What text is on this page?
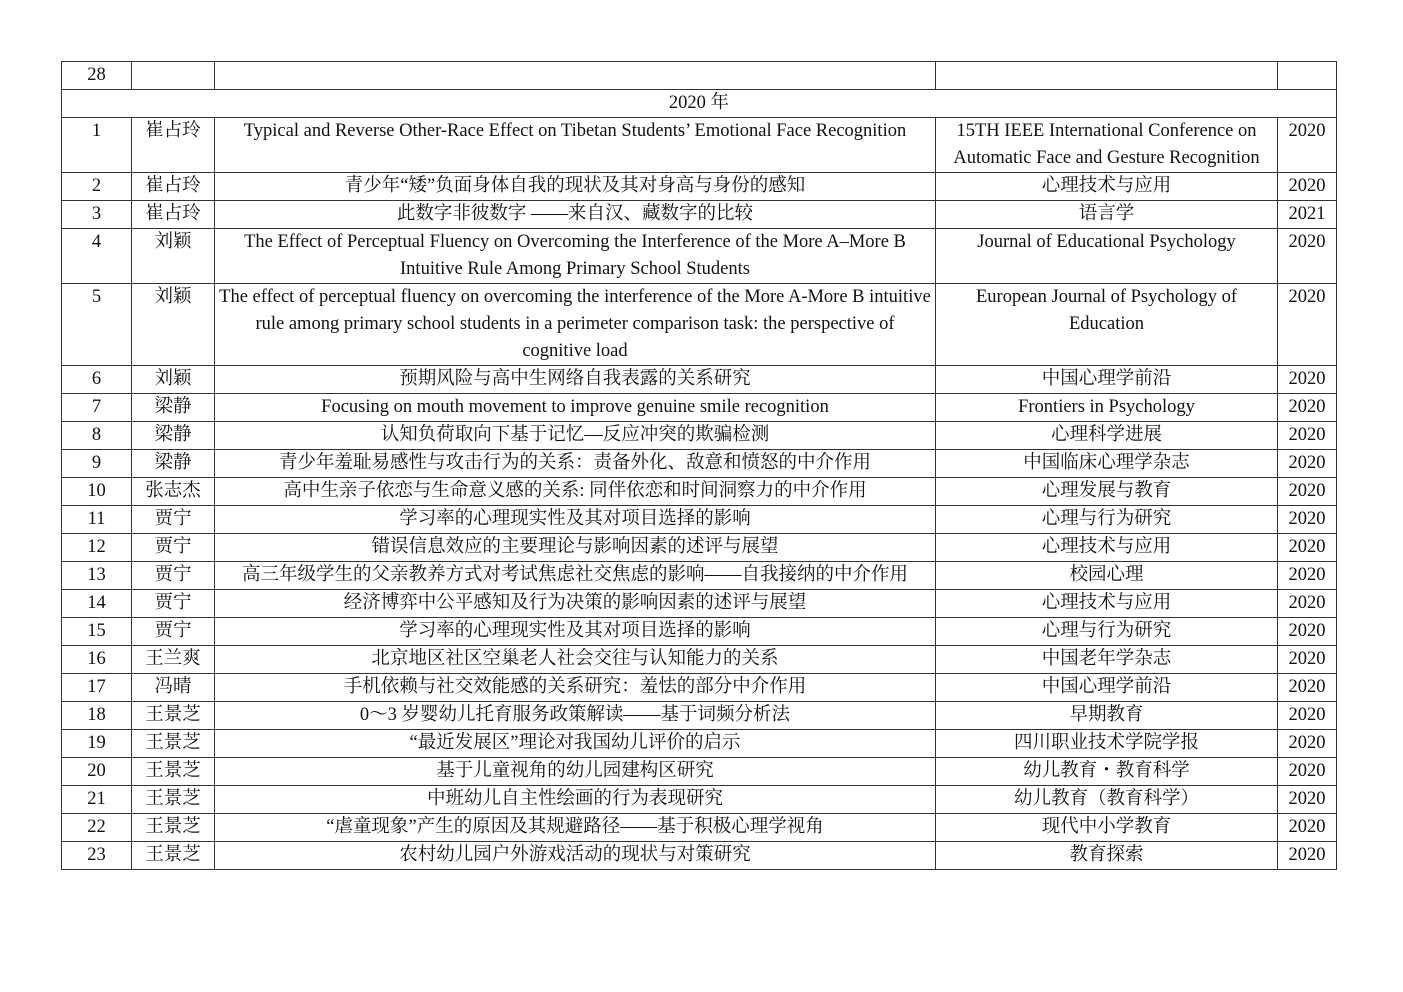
28				
2020 年				
1	崔占玲	Typical and Reverse Other-Race Effect on Tibetan Students’ Emotional Face Recognition	15TH IEEE International Conference on Automatic Face and Gesture Recognition	2020
2	崔占玲	青少年“矮”负面身体自我的现状及其对身高与身份的感知	心理技术与应用	2020
3	崔占玲	此数字非彼数字 ——来自汉、藏数字的比较	语言学	2021
4	刘颖	The Effect of Perceptual Fluency on Overcoming the Interference of the More A–More B Intuitive Rule Among Primary School Students	Journal of Educational Psychology	2020
5	刘颖	The effect of perceptual fluency on overcoming the interference of the More A-More B intuitive rule among primary school students in a perimeter comparison task: the perspective of cognitive load	European Journal of Psychology of Education	2020
6	刘颖	预期风险与高中生网络自我表露的关系研究	中国心理学前沿	2020
7	梁静	Focusing on mouth movement to improve genuine smile recognition	Frontiers in Psychology	2020
8	梁静	认知负荷取向下基于记忆—反应冲突的欺骗检测	心理科学进展	2020
9	梁静	青少年羞耻易感性与攻击行为的关系：责备外化、敌意和愤怒的中介作用	中国临床心理学杂志	2020
10	张志杰	高中生亲子依恋与生命意义感的关系: 同伴依恋和时间洞察力的中介作用	心理发展与教育	2020
11	贾宁	学习率的心理现实性及其对项目选择的影响	心理与行为研究	2020
12	贾宁	错误信息效应的主要理论与影响因素的述评与展望	心理技术与应用	2020
13	贾宁	高三年级学生的父亲教养方式对考试焦虑社交焦虑的影响——自我接纳的中介作用	校园心理	2020
14	贾宁	经济博弈中公平感知及行为决策的影响因素的述评与展望	心理技术与应用	2020
15	贾宁	学习率的心理现实性及其对项目选择的影响	心理与行为研究	2020
16	王兰爽	北京地区社区空巢老人社会交往与认知能力的关系	中国老年学杂志	2020
17	冯晴	手机依赖与社交效能感的关系研究：羞怯的部分中介作用	中国心理学前沿	2020
18	王景芝	0～3 岁婴幼儿托育服务政策解读——基于词频分析法	早期教育	2020
19	王景芝	“最近发展区”理论对我国幼儿评价的启示	四川职业技术学院学报	2020
20	王景芝	基于儿童视角的幼儿园建构区研究	幼儿教育・教育科学	2020
21	王景芝	中班幼儿自主性绘画的行为表现研究	幼儿教育（教育科学）	2020
22	王景芝	“虐童现象”产生的原因及其规避路径——基于积极心理学视角	现代中小学教育	2020
23	王景芝	农村幼儿园户外游戏活动的现状与对策研究	教育探索	2020
